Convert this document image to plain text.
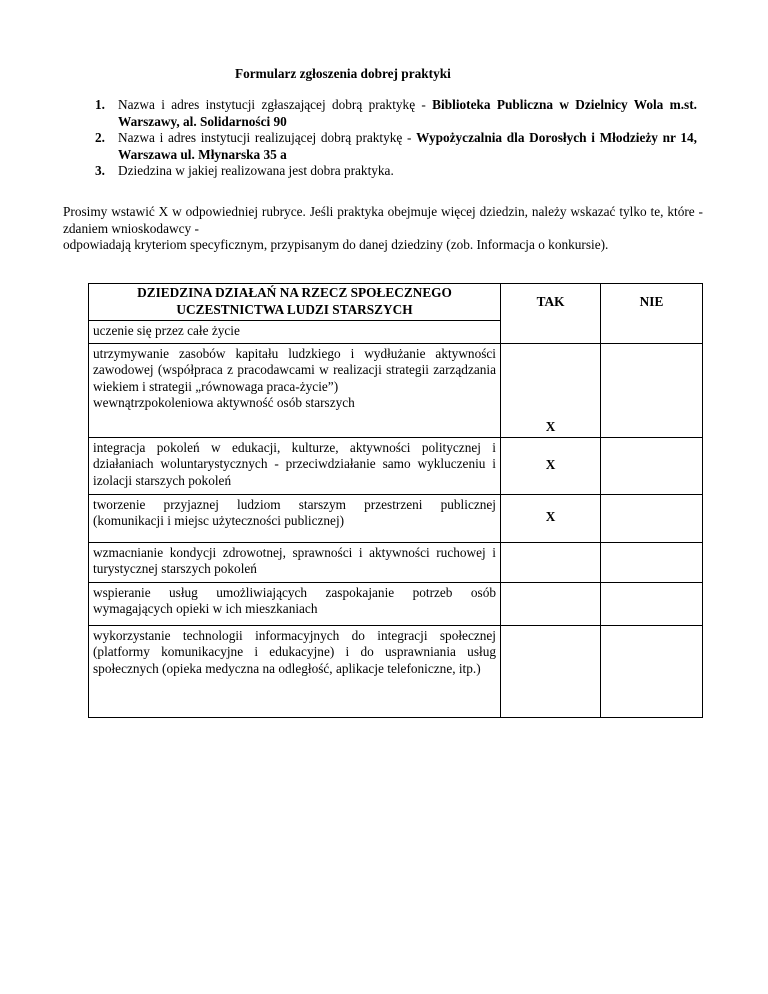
Formularz zgłoszenia dobrej praktyki
1. Nazwa i adres instytucji zgłaszającej dobrą praktykę - Biblioteka Publiczna w Dzielnicy Wola m.st. Warszawy, al. Solidarności 90
2. Nazwa i adres instytucji realizującej dobrą praktykę - Wypożyczalnia dla Dorosłych i Młodzieży nr 14, Warszawa ul. Młynarska 35 a
3. Dziedzina w jakiej realizowana jest dobra praktyka.

Prosimy wstawić X w odpowiedniej rubryce. Jeśli praktyka obejmuje więcej dziedzin, należy wskazać tylko te, które - zdaniem wnioskodawcy -

odpowiadają kryteriom specyficznym, przypisanym do danej dziedziny (zob. Informacja o konkursie).

DZIEDZINA DZIAŁAŃ NA RZECZ SPOŁECZNEGO UCZESTNICTWA LUDZI STARSZYCH	TAK	NIE
uczenie się przez całe życie		

utrzymywanie zasobów kapitału ludzkiego i wydłużanie aktywności zawodowej (współpraca z pracodawcami w realizacji strategii zarządzania wiekiem i strategii „równowaga praca-życie”)
wewnątrzpokoleniowa aktywność osób starszych	X	
integracja pokoleń w edukacji, kulturze, aktywności politycznej i działaniach woluntarystycznych - przeciwdziałanie samo wykluczeniu i izolacji starszych pokoleń	X	
tworzenie przyjaznej ludziom starszym przestrzeni publicznej (komunikacji i miejsc użyteczności publicznej)	X	
wzmacnianie kondycji zdrowotnej, sprawności i aktywności ruchowej i turystycznej starszych pokoleń		
wspieranie usług umożliwiających zaspokajanie potrzeb osób wymagających opieki w ich mieszkaniach		
wykorzystanie technologii informacyjnych do integracji społecznej (platformy komunikacyjne i edukacyjne) i do usprawniania usług społecznych (opieka medyczna na odległość, aplikacje telefoniczne, itp.)		
